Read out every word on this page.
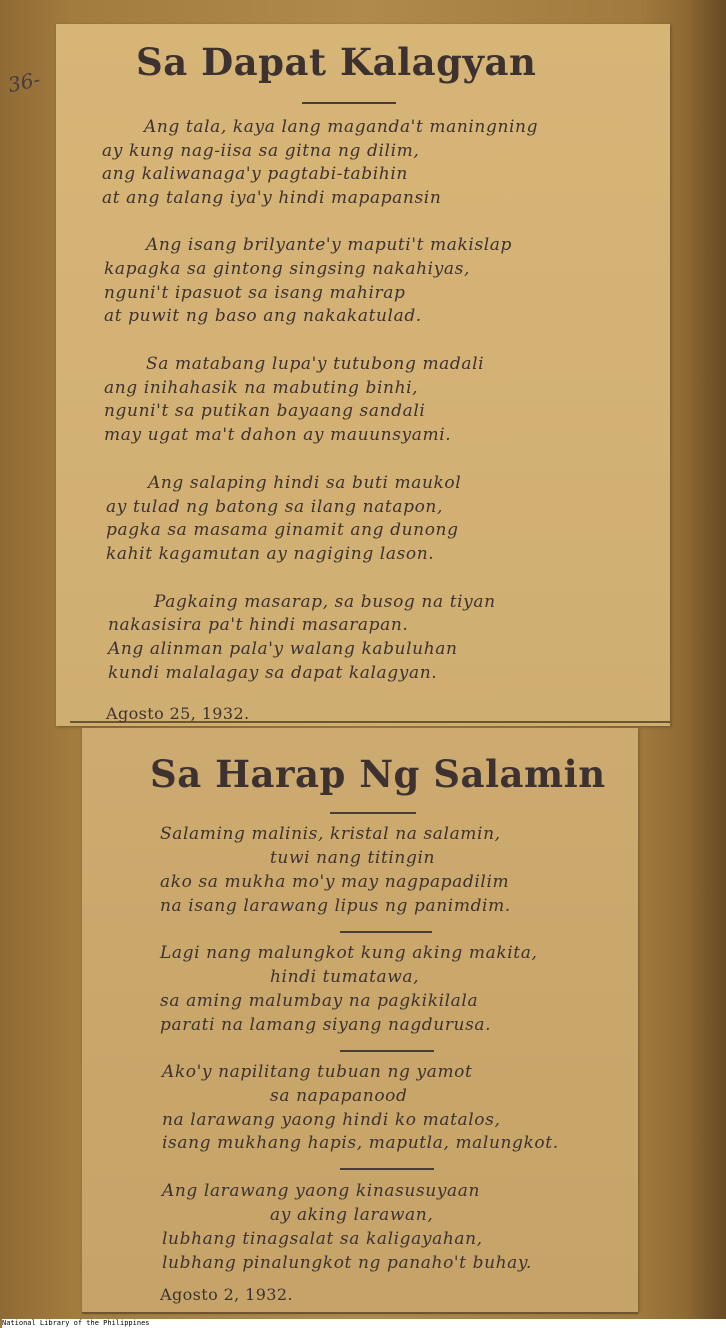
36-	Sa Dapat Kalagyan
Ang tala, kaya lang maganda't maningning
ay kung nag-iisa sa gitna ng dilim,
ang kaliwanaga'y pagtabi-tabihin
at ang talang iya'y hindi mapapansin
Ang isang brilyante'y maputi't makislap
kapagka sa gintong singsing nakahiyas,
nguni't ipasuot sa isang mahirap
at puwit ng baso ang nakakatulad.
Sa matabang lupa'y tutubong madali
ang inihahasik na mabuting binhi,
nguni't sa putikan bayaang sandali
may ugat ma't dahon ay mauunsyami.
Ang salaping hindi sa buti maukol
ay tulad ng batong sa ilang natapon,
pagka sa masama ginamit ang dunong
kahit kagamutan ay nagiging lason.
Pagkaing masarap, sa busog na tiyan
nakasisira pa't hindi masarapan.
Ang alinman pala'y walang kabuluhan
kundi malalagay sa dapat kalagyan.
Agosto 25, 1932.
Sa Harap Ng Salamin
Salaming malinis, kristal na salamin,
tuwi nang titingin
ako sa mukha mo'y may nagpapadilim
na isang larawang lipus ng panimdim.
Lagi nang malungkot kung aking makita,
hindi tumatawa,
sa aming malumbay na pagkikilala
parati na lamang siyang nagdurusa.
Ako'y napilitang tubuan ng yamot
sa napapanood
na larawang yaong hindi ko matalos,
isang mukhang hapis, maputla, malungkot.
Ang larawang yaong kinasusuyaan
ay aking larawan,
lubhang tinagsalat sa kaligayahan,
lubhang pinalungkot ng panaho't buhay.
Agosto 2, 1932.
National Library of the Philippines
